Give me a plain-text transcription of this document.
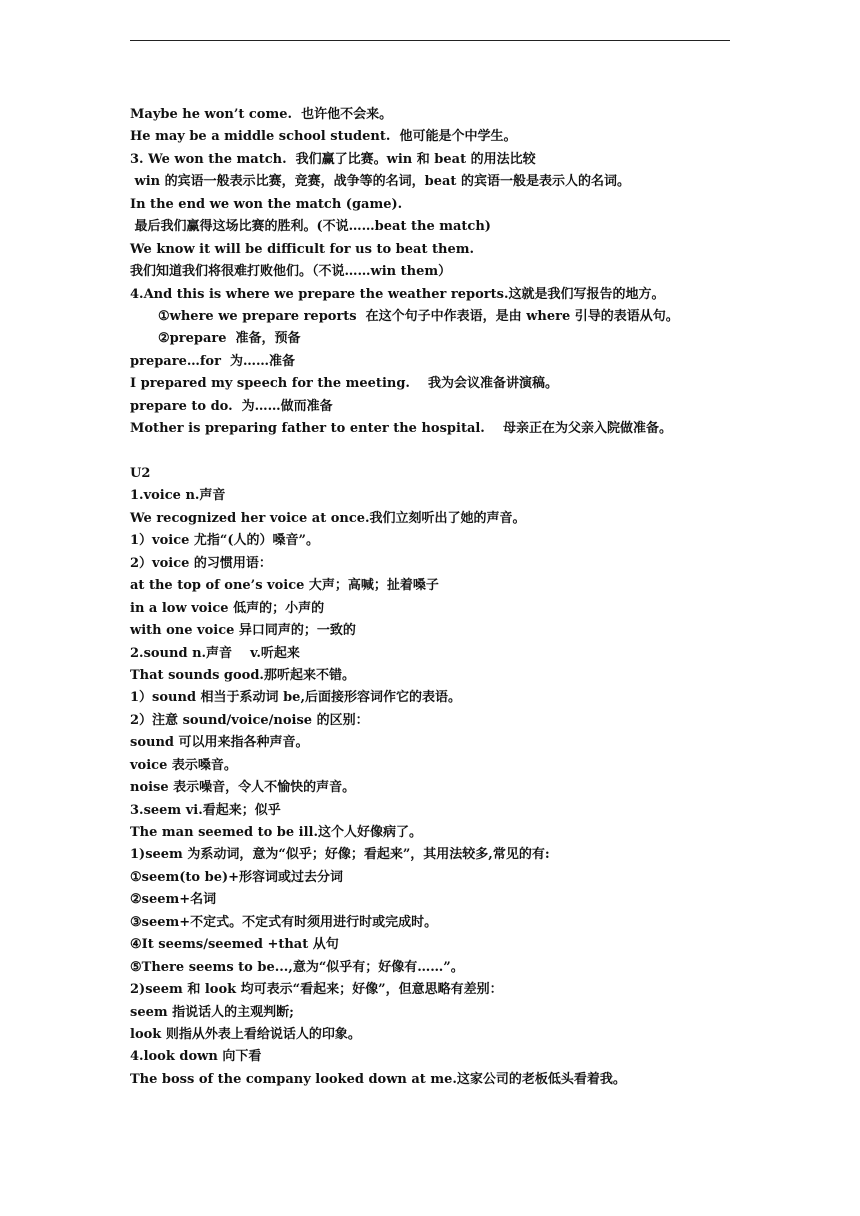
Maybe he won’t come.  也许他不会来。
He may be a middle school student.  他可能是个中学生。
3. We won the match.  我们赢了比赛。win 和 beat 的用法比较
win 的宾语一般表示比赛，竞赛，战争等的名词，beat 的宾语一般是表示人的名词。
In the end we won the match (game).
最后我们赢得这场比赛的胜利。(不说……beat the match)
We know it will be difficult for us to beat them.
我们知道我们将很难打败他们。（不说……win them）
4.And this is where we prepare the weather reports.这就是我们写报告的地方。
①where we prepare reports  在这个句子中作表语，是由 where 引导的表语从句。
②prepare  准备，预备
prepare…for  为……准备
I prepared my speech for the meeting.    我为会议准备讲演稿。
prepare to do.  为……做而准备
Mother is preparing father to enter the hospital.    母亲正在为父亲入院做准备。
U2
1.voice n.声音
We recognized her voice at once.我们立刻听出了她的声音。
1）voice 尤指“(人的）嗓音”。
2）voice 的习惯用语：
at the top of one’s voice 大声；高喊；扯着嗓子
in a low voice 低声的；小声的
with one voice 异口同声的；一致的
2.sound n.声音    v.听起来
That sounds good.那听起来不错。
1）sound 相当于系动词 be,后面接形容词作它的表语。
2）注意 sound/voice/noise 的区别：
sound 可以用来指各种声音。
voice 表示嗓音。
noise 表示噪音，令人不愉快的声音。
3.seem vi.看起来；似乎
The man seemed to be ill.这个人好像病了。
1)seem 为系动词，意为“似乎；好像；看起来”，其用法较多,常见的有:
①seem(to be)+形容词或过去分词
②seem+名词
③seem+不定式。不定式有时须用进行时或完成时。
④It seems/seemed +that 从句
⑤There seems to be...,意为“似乎有；好像有……”。
2)seem 和 look 均可表示“看起来；好像”，但意思略有差别：
seem 指说话人的主观判断;
look 则指从外表上看给说话人的印象。
4.look down 向下看
The boss of the company looked down at me.这家公司的老板低头看着我。
